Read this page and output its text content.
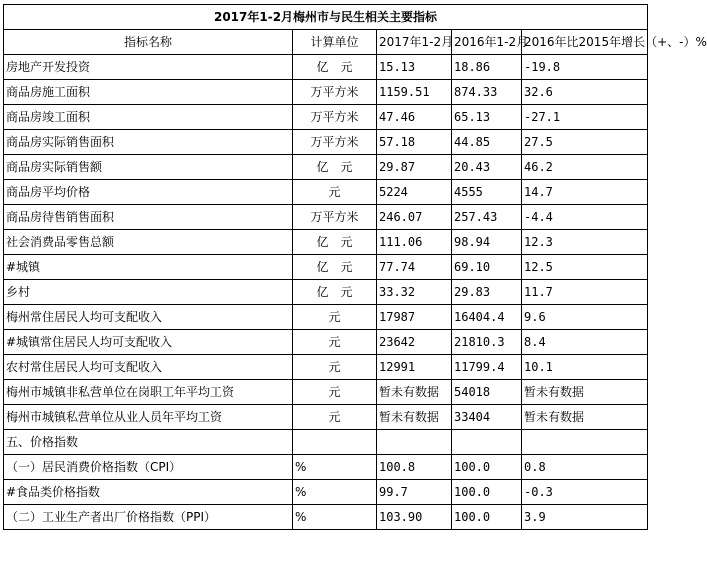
2017年1-2月梅州市与民生相关主要指标				
指标名称	计算单位	2017年1-2月	2016年1-2月	2016年比2015年增长（+、-）%
房地产开发投资	亿　元	15.13	18.86	-19.8
商品房施工面积	万平方米	1159.51	874.33	32.6
商品房竣工面积	万平方米	47.46	65.13	-27.1
商品房实际销售面积	万平方米	57.18	44.85	27.5
商品房实际销售额	亿　元	29.87	20.43	46.2
商品房平均价格	元	5224	4555	14.7
商品房待售销售面积	万平方米	246.07	257.43	-4.4
社会消费品零售总额	亿　元	111.06	98.94	12.3
#城镇	亿　元	77.74	69.10	12.5
乡村	亿　元	33.32	29.83	11.7
梅州常住居民人均可支配收入	元	17987	16404.4	9.6
#城镇常住居民人均可支配收入	元	23642	21810.3	8.4
农村常住居民人均可支配收入	元	12991	11799.4	10.1
梅州市城镇非私营单位在岗职工年平均工资	元	暂未有数据	54018	暂未有数据
梅州市城镇私营单位从业人员年平均工资	元	暂未有数据	33404	暂未有数据
五、价格指数				
（一）居民消费价格指数（CPI）	%	100.8	100.0	0.8
#食品类价格指数	%	99.7	100.0	-0.3
（二）工业生产者出厂价格指数（PPI）	%	103.90	100.0	3.9
